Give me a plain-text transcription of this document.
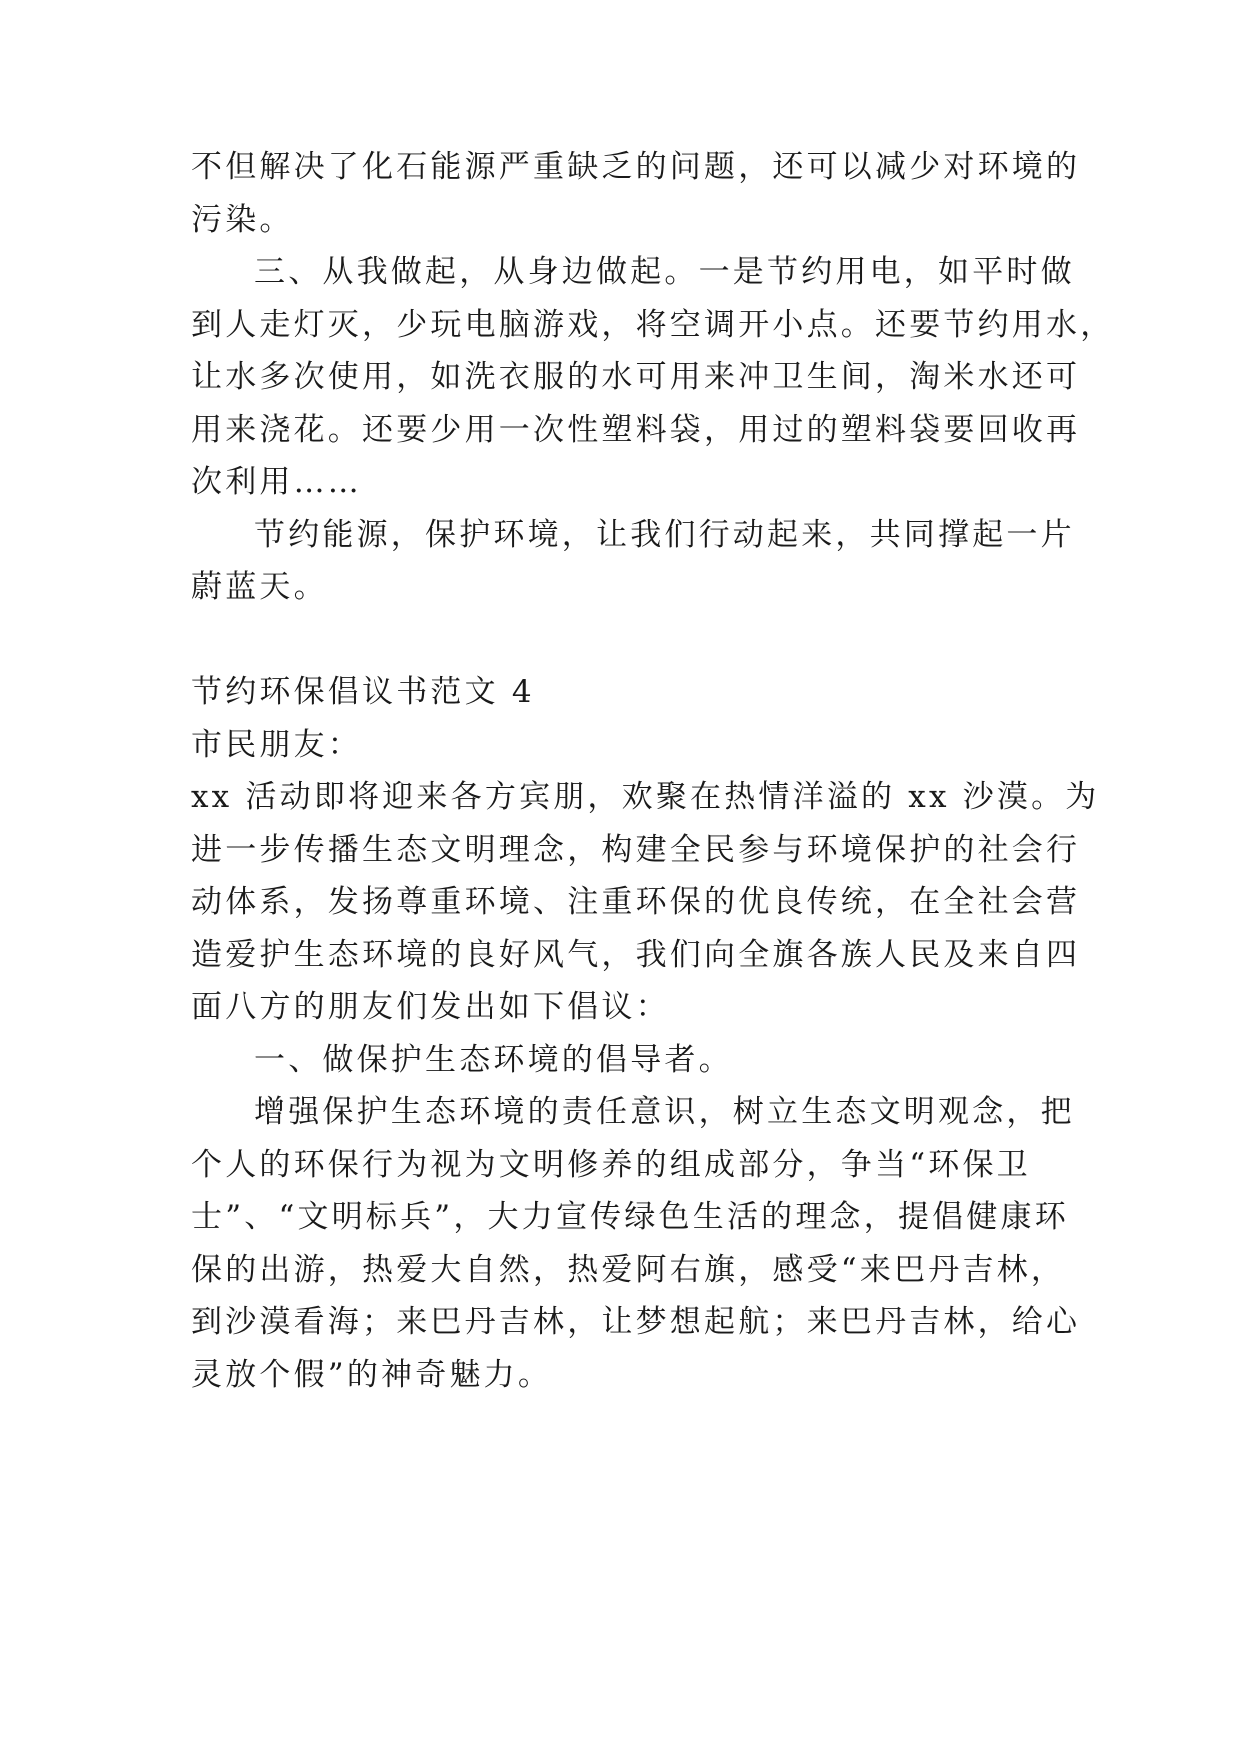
不但解决了化石能源严重缺乏的问题，还可以减少对环境的
污染。
三、从我做起，从身边做起。一是节约用电，如平时做
到人走灯灭，少玩电脑游戏，将空调开小点。还要节约用水，
让水多次使用，如洗衣服的水可用来冲卫生间，淘米水还可
用来浇花。还要少用一次性塑料袋，用过的塑料袋要回收再
次利用……
节约能源，保护环境，让我们行动起来，共同撑起一片
蔚蓝天。
节约环保倡议书范文 4
市民朋友：
xx 活动即将迎来各方宾朋，欢聚在热情洋溢的 xx 沙漠。为
进一步传播生态文明理念，构建全民参与环境保护的社会行
动体系，发扬尊重环境、注重环保的优良传统，在全社会营
造爱护生态环境的良好风气，我们向全旗各族人民及来自四
面八方的朋友们发出如下倡议：
一、做保护生态环境的倡导者。
增强保护生态环境的责任意识，树立生态文明观念，把
个人的环保行为视为文明修养的组成部分，争当“环保卫
士”、“文明标兵”，大力宣传绿色生活的理念，提倡健康环
保的出游，热爱大自然，热爱阿右旗，感受“来巴丹吉林，
到沙漠看海；来巴丹吉林，让梦想起航；来巴丹吉林，给心
灵放个假”的神奇魅力。
